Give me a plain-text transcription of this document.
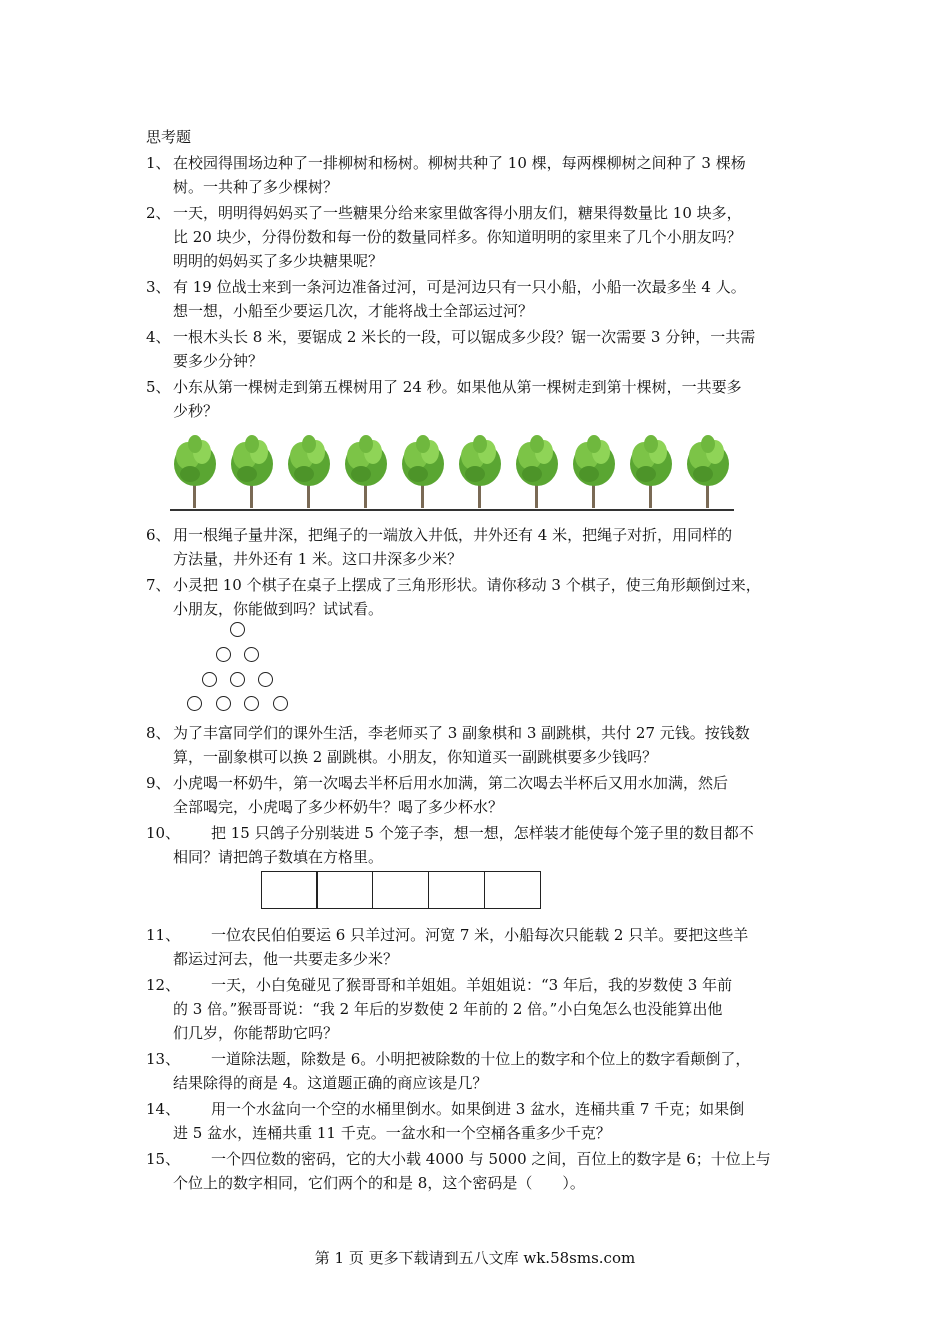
思考题
1、 在校园得围场边种了一排柳树和杨树。柳树共种了 10 棵，每两棵柳树之间种了 3 棵杨
树。一共种了多少棵树？
2、 一天，明明得妈妈买了一些糖果分给来家里做客得小朋友们，糖果得数量比 10 块多，
比 20 块少，分得份数和每一份的数量同样多。你知道明明的家里来了几个小朋友吗？
明明的妈妈买了多少块糖果呢？
3、 有 19 位战士来到一条河边准备过河，可是河边只有一只小船，小船一次最多坐 4 人。
想一想，小船至少要运几次，才能将战士全部运过河？
4、 一根木头长 8 米，要锯成 2 米长的一段，可以锯成多少段？锯一次需要 3 分钟，一共需
要多少分钟？
5、 小东从第一棵树走到第五棵树用了 24 秒。如果他从第一棵树走到第十棵树，一共要多
少秒？
6、 用一根绳子量井深，把绳子的一端放入井低，井外还有 4 米，把绳子对折，用同样的
方法量，井外还有 1 米。这口井深多少米？
7、 小灵把 10 个棋子在桌子上摆成了三角形形状。请你移动 3 个棋子，使三角形颠倒过来，
小朋友，你能做到吗？试试看。
8、 为了丰富同学们的课外生活，李老师买了 3 副象棋和 3 副跳棋，共付 27 元钱。按钱数
算，一副象棋可以换 2 副跳棋。小朋友，你知道买一副跳棋要多少钱吗？
9、 小虎喝一杯奶牛，第一次喝去半杯后用水加满，第二次喝去半杯后又用水加满，然后
全部喝完，小虎喝了多少杯奶牛？喝了多少杯水？
10、	把 15 只鸽子分别装进 5 个笼子李，想一想，怎样装才能使每个笼子里的数目都不
相同？请把鸽子数填在方格里。
11、	一位农民伯伯要运 6 只羊过河。河宽 7 米，小船每次只能载 2 只羊。要把这些羊
都运过河去，他一共要走多少米？
12、	一天，小白兔碰见了猴哥哥和羊姐姐。羊姐姐说：“3 年后，我的岁数使 3 年前
的 3 倍。”猴哥哥说：“我 2 年后的岁数使 2 年前的 2 倍。”小白兔怎么也没能算出他
们几岁，你能帮助它吗？
13、	一道除法题，除数是 6。小明把被除数的十位上的数字和个位上的数字看颠倒了，
结果除得的商是 4。这道题正确的商应该是几？
14、	用一个水盆向一个空的水桶里倒水。如果倒进 3 盆水，连桶共重 7 千克；如果倒
进 5 盆水，连桶共重 11 千克。一盆水和一个空桶各重多少千克？
15、	一个四位数的密码，它的大小载 4000 与 5000 之间，百位上的数字是 6；十位上与
个位上的数字相同，它们两个的和是 8，这个密码是（　　）。
第 1 页 更多下载请到五八文库 wk.58sms.com
